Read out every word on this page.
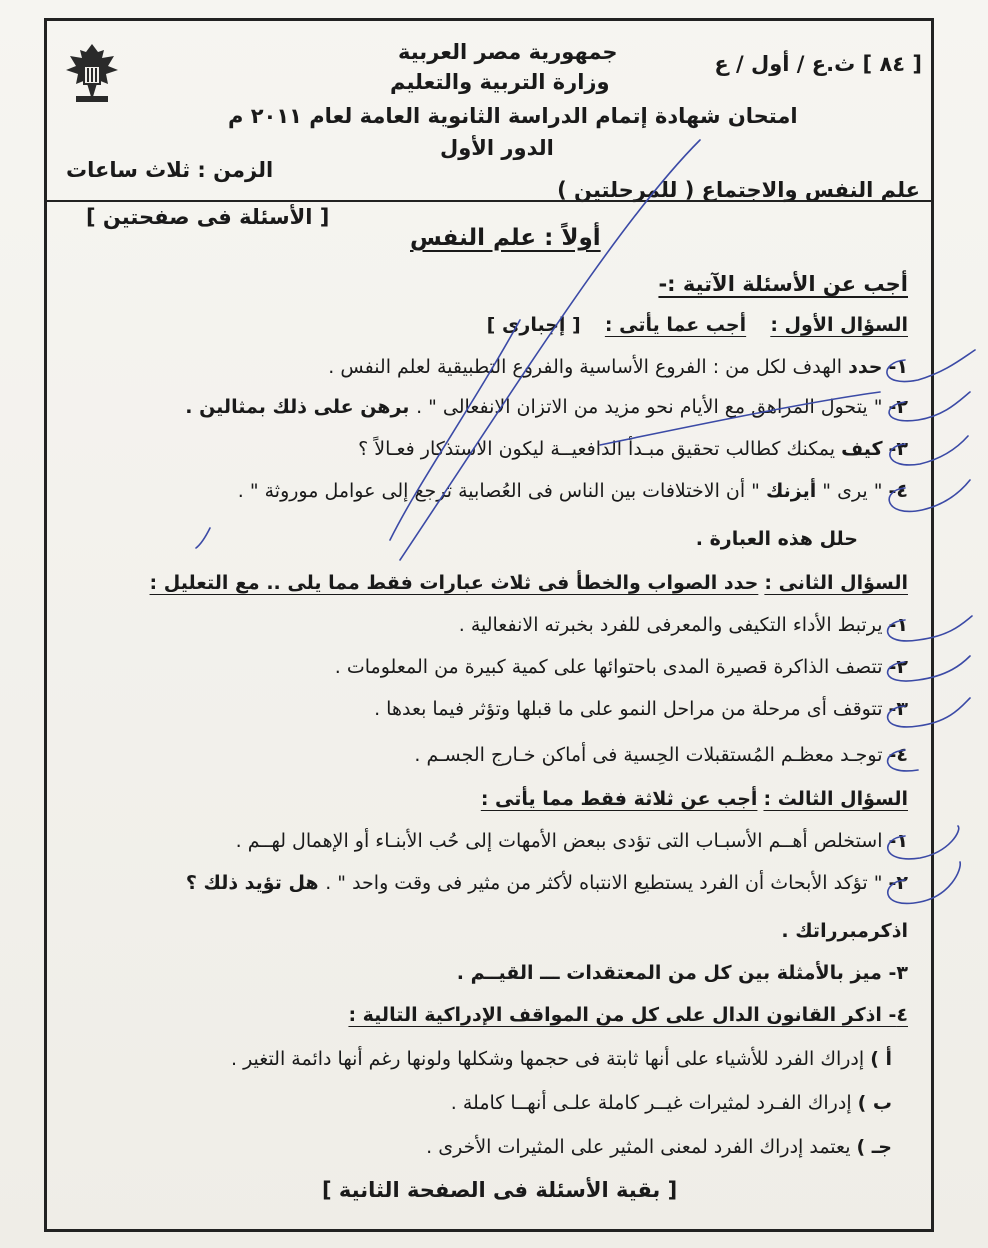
[ ٨٤ ] ث.ع / أول / ع
جمهورية مصر العربية
وزارة التربية والتعليم
امتحان شهادة إتمام الدراسة الثانوية العامة لعام ٢٠١١ م
الدور الأول
الزمن : ثلاث ساعات
علم النفس والاجتماع ( للمرحلتين )
[ الأسئلة فى صفحتين ]
أولاً : علم النفس
أجب عن الأسئلة الآتية :-
السؤال الأول :    أجب عما يأتى :    [ إجبارى ]
١-حدد الهدف لكل من : الفروع الأساسية والفروع التطبيقية لعلم النفس .
٢-" يتحول المراهق مع الأيام نحو مزيد من الاتزان الانفعالى " . برهن على ذلك بمثالين .
٣-كيف يمكنك كطالب تحقيق مبـدأ الدافعيــة ليكون الاستذكار فعـالاً ؟
٤-" يرى " أيزنك " أن الاختلافات بين الناس فى العُصابية ترجع إلى عوامل موروثة " .
حلل هذه العبارة .
السؤال الثانى : حدد الصواب والخطأ فى ثلاث عبارات فقط مما يلى .. مع التعليل :
١-يرتبط الأداء التكيفى والمعرفى للفرد بخبرته الانفعالية .
٢-تتصف الذاكرة قصيرة المدى باحتوائها على كمية كبيرة من المعلومات .
٣-تتوقف أى مرحلة من مراحل النمو على ما قبلها وتؤثر فيما بعدها .
٤-توجـد معظـم المُستقبلات الحِسية فى أماكن خـارج الجسـم .
السؤال الثالث : أجب عن ثلاثة فقط مما يأتى :
١-استخلص أهــم الأسبـاب التى تؤدى ببعض الأمهات إلى حُب الأبنـاء أو الإهمال لهــم .
٢-" تؤكد الأبحاث أن الفرد يستطيع الانتباه لأكثر من مثير فى وقت واحد " . هل تؤيد ذلك ؟
اذكرمبرراتك .
٣- ميز بالأمثلة بين كل من المعتقدات ـــ القيــم .
٤- اذكر القانون الدال على كل من المواقف الإدراكية التالية :
أ )إدراك الفرد للأشياء على أنها ثابتة فى حجمها وشكلها ولونها رغم أنها دائمة التغير .
ب )إدراك الفـرد لمثيرات غيــر كاملة علـى أنهــا كاملة .
جـ )يعتمد إدراك الفرد لمعنى المثير على المثيرات الأخرى .
[ بقية الأسئلة فى الصفحة الثانية ]
